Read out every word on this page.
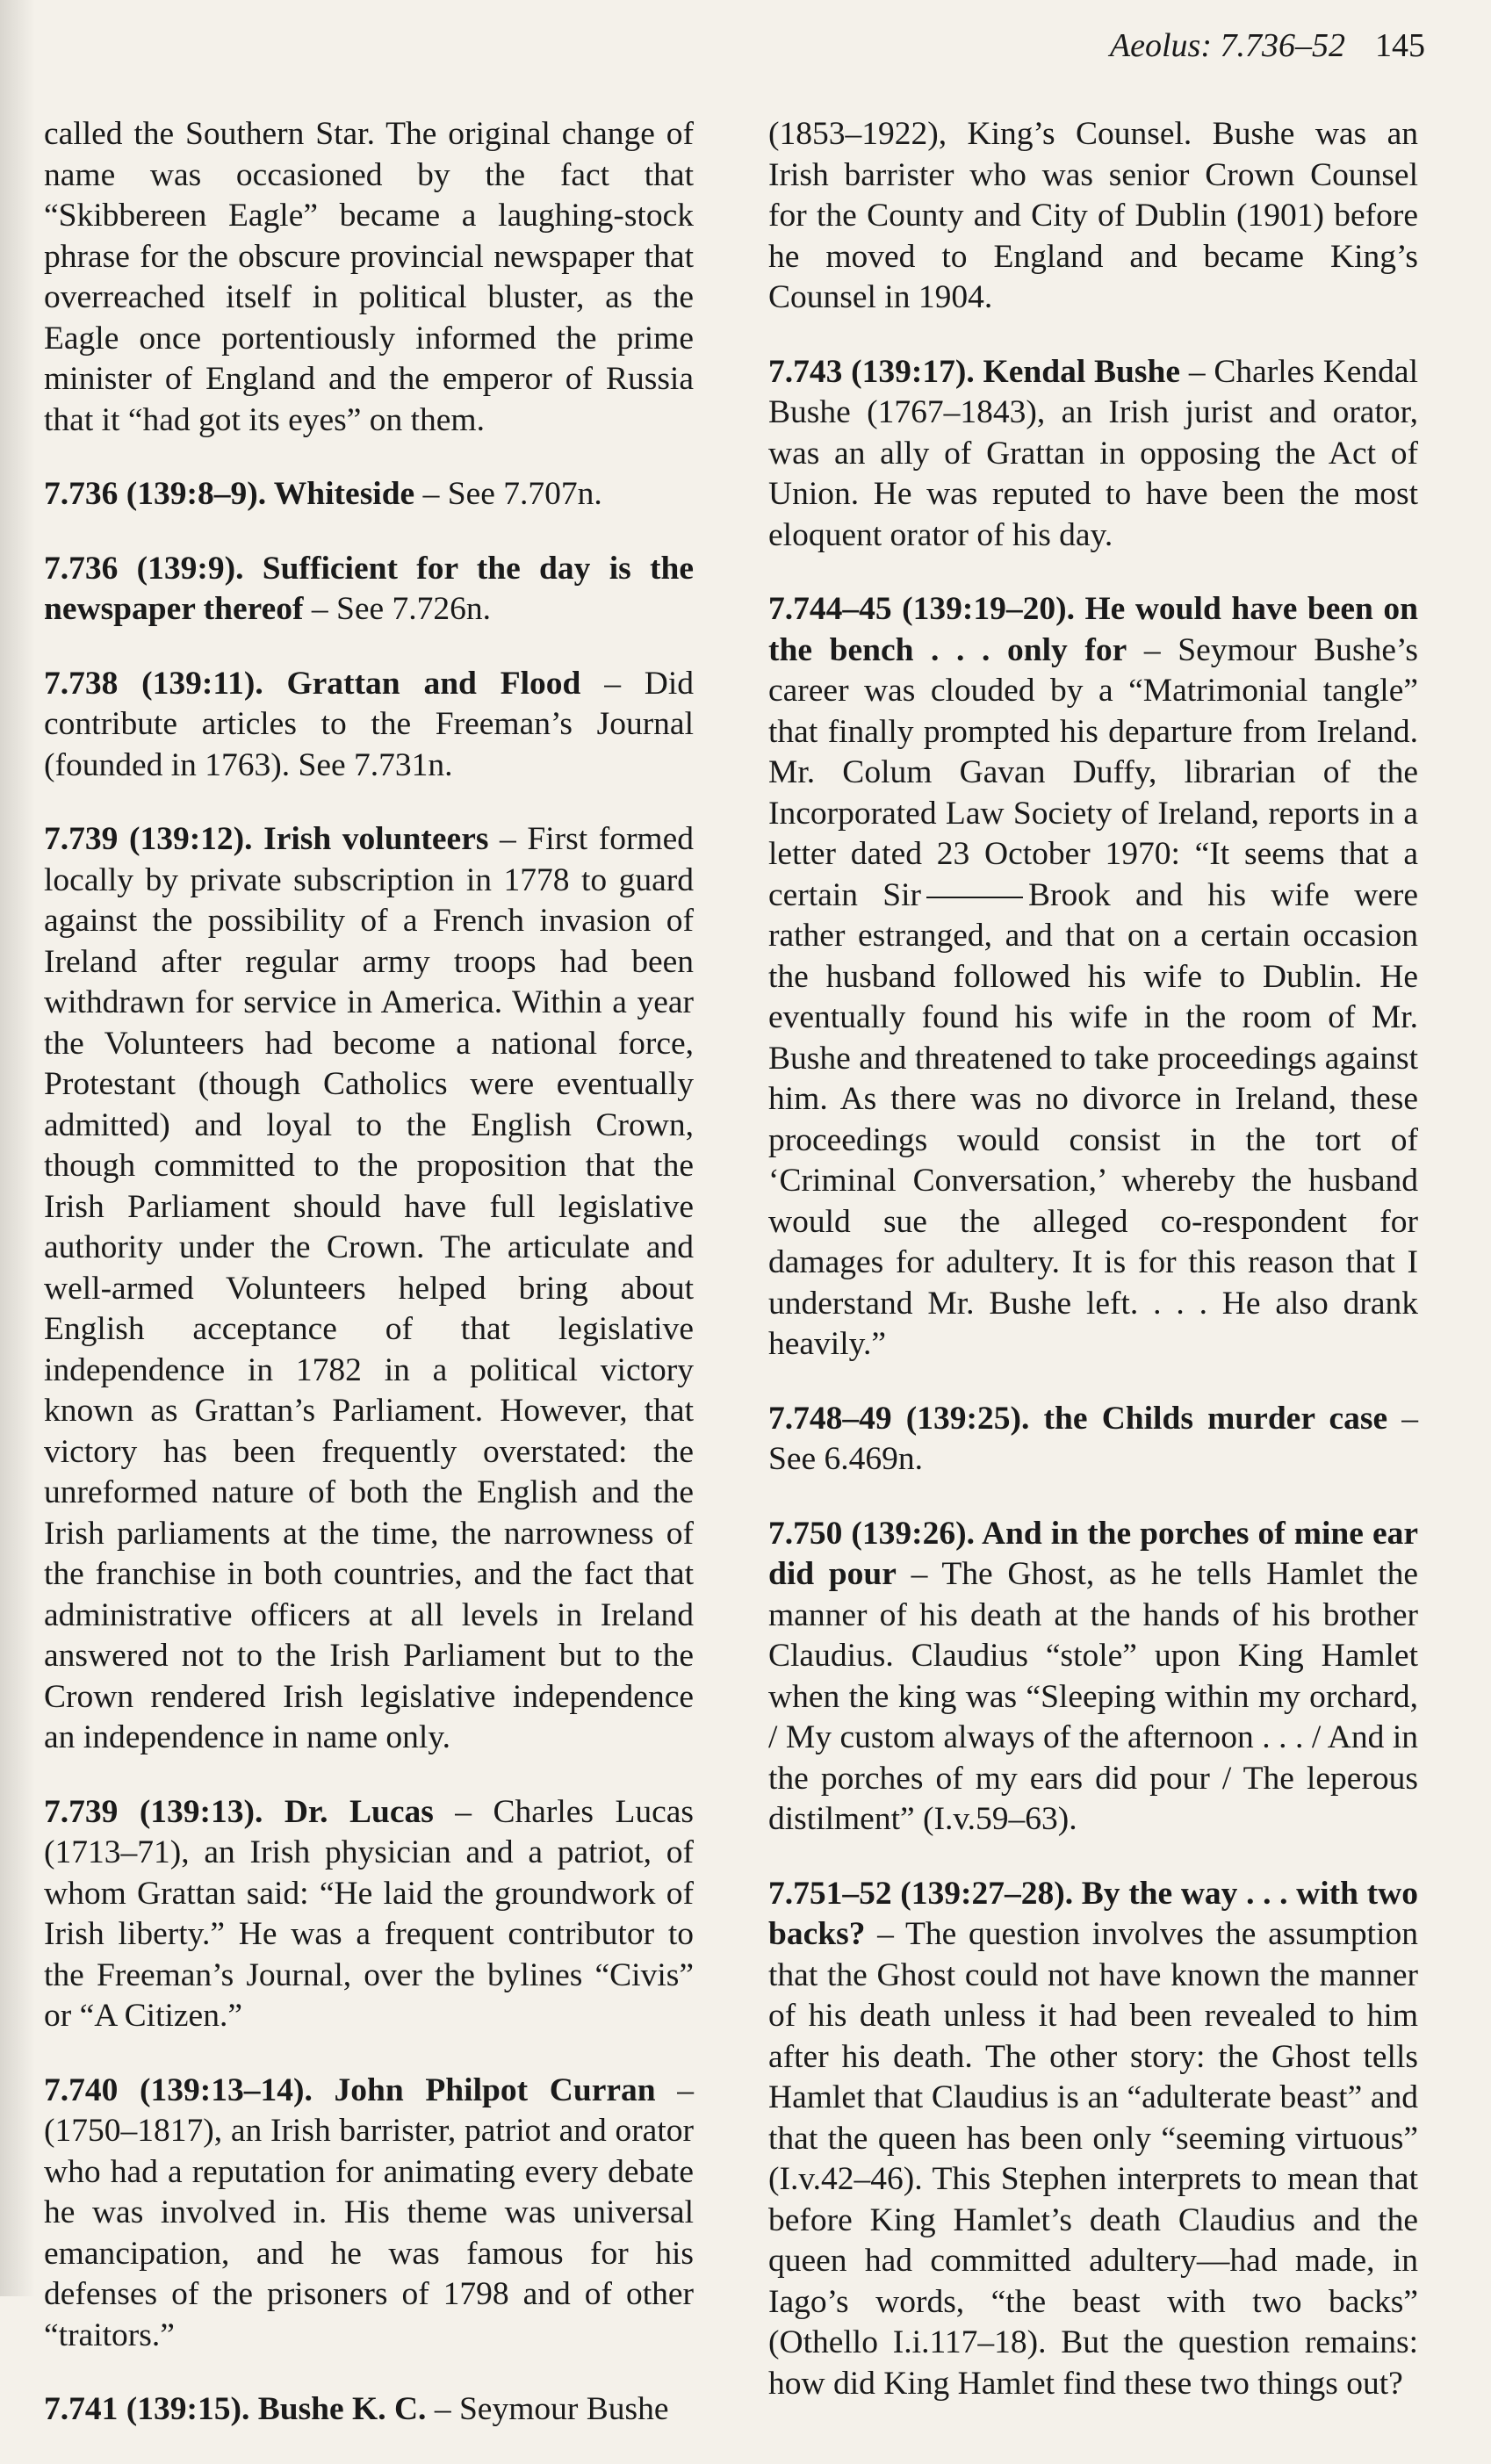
Aeolus: 7.736–52 145

called the Southern Star. The original change of name was occasioned by the fact that “Skibbereen Eagle” became a laughing-stock phrase for the obscure provincial newspaper that overreached itself in political bluster, as the Eagle once portentiously informed the prime minister of England and the emperor of Russia that it “had got its eyes” on them.

7.736 (139:8–9). Whiteside – See 7.707n.

7.736 (139:9). Sufficient for the day is the newspaper thereof – See 7.726n.

7.738 (139:11). Grattan and Flood – Did contribute articles to the Freeman’s Journal (founded in 1763). See 7.731n.

7.739 (139:12). Irish volunteers – First formed locally by private subscription in 1778 to guard against the possibility of a French invasion of Ireland after regular army troops had been withdrawn for service in America. Within a year the Volunteers had become a national force, Protestant (though Catholics were eventually admitted) and loyal to the English Crown, though committed to the proposition that the Irish Parliament should have full legislative authority under the Crown. The articulate and well-armed Volunteers helped bring about English acceptance of that legislative independence in 1782 in a political victory known as Grattan’s Parliament. However, that victory has been frequently overstated: the unreformed nature of both the English and the Irish parliaments at the time, the narrowness of the franchise in both countries, and the fact that administrative officers at all levels in Ireland answered not to the Irish Parliament but to the Crown rendered Irish legislative independence an independence in name only.

7.739 (139:13). Dr. Lucas – Charles Lucas (1713–71), an Irish physician and a patriot, of whom Grattan said: “He laid the groundwork of Irish liberty.” He was a frequent contributor to the Freeman’s Journal, over the bylines “Civis” or “A Citizen.”

7.740 (139:13–14). John Philpot Curran – (1750–1817), an Irish barrister, patriot and orator who had a reputation for animating every debate he was involved in. His theme was universal emancipation, and he was famous for his defenses of the prisoners of 1798 and of other “traitors.”

7.741 (139:15). Bushe K. C. – Seymour Bushe

(1853–1922), King’s Counsel. Bushe was an Irish barrister who was senior Crown Counsel for the County and City of Dublin (1901) before he moved to England and became King’s Counsel in 1904.

7.743 (139:17). Kendal Bushe – Charles Kendal Bushe (1767–1843), an Irish jurist and orator, was an ally of Grattan in opposing the Act of Union. He was reputed to have been the most eloquent orator of his day.

7.744–45 (139:19–20). He would have been on the bench . . . only for – Seymour Bushe’s career was clouded by a “Matrimonial tangle” that finally prompted his departure from Ireland. Mr. Colum Gavan Duffy, librarian of the Incorporated Law Society of Ireland, reports in a letter dated 23 October 1970: “It seems that a certain Sir	Brook and his wife were rather estranged, and that on a certain occasion the husband followed his wife to Dublin. He eventually found his wife in the room of Mr. Bushe and threatened to take proceedings against him. As there was no divorce in Ireland, these proceedings would consist in the tort of ‘Criminal Conversation,’ whereby the husband would sue the alleged co-respondent for damages for adultery. It is for this reason that I understand Mr. Bushe left. . . . He also drank heavily.”

7.748–49 (139:25). the Childs murder case – See 6.469n.

7.750 (139:26). And in the porches of mine ear did pour – The Ghost, as he tells Hamlet the manner of his death at the hands of his brother Claudius. Claudius “stole” upon King Hamlet when the king was “Sleeping within my orchard, / My custom always of the afternoon . . . / And in the porches of my ears did pour / The leperous distilment” (I.v.59–63).

7.751–52 (139:27–28). By the way . . . with two backs? – The question involves the assumption that the Ghost could not have known the manner of his death unless it had been revealed to him after his death. The other story: the Ghost tells Hamlet that Claudius is an “adulterate beast” and that the queen has been only “seeming virtuous” (I.v.42–46). This Stephen interprets to mean that before King Hamlet’s death Claudius and the queen had committed adultery—had made, in Iago’s words, “the beast with two backs” (Othello I.i.117–18). But the question remains: how did King Hamlet find these two things out?
